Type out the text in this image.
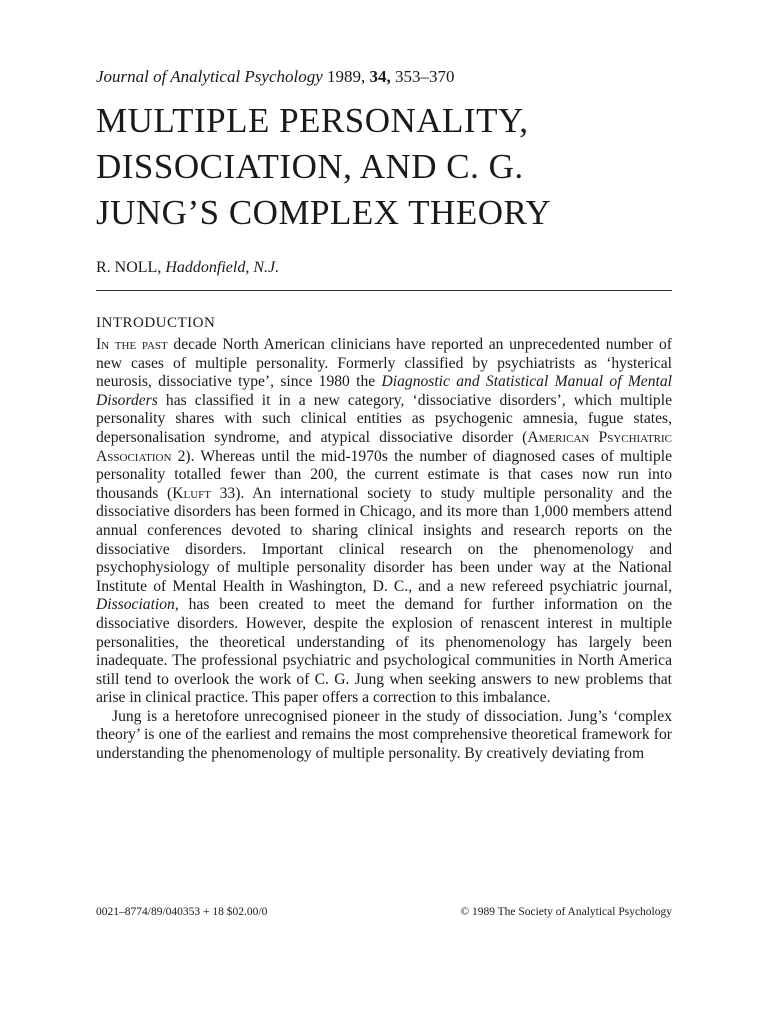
Journal of Analytical Psychology 1989, 34, 353–370
MULTIPLE PERSONALITY,
DISSOCIATION, AND C. G.
JUNG’S COMPLEX THEORY
R. NOLL, Haddonfield, N.J.
INTRODUCTION

In the past decade North American clinicians have reported an unprecedented number of new cases of multiple personality. Formerly classified by psychiatrists as ‘hysterical neurosis, dissociative type’, since 1980 the Diagnostic and Statistical Manual of Mental Disorders has classified it in a new category, ‘dissociative disorders’, which multiple personality shares with such clinical entities as psychogenic amnesia, fugue states, depersonalisation syndrome, and atypical dissociative disorder (American Psychiatric Association 2). Whereas until the mid-1970s the number of diagnosed cases of multiple personality totalled fewer than 200, the current estimate is that cases now run into thousands (Kluft 33). An international society to study multiple personality and the dissociative disorders has been formed in Chicago, and its more than 1,000 members attend annual conferences devoted to sharing clinical insights and research reports on the dissociative disorders. Important clinical research on the phenomenology and psychophysiology of multiple personality disorder has been under way at the National Institute of Mental Health in Washington, D. C., and a new refereed psychiatric journal, Dissociation, has been created to meet the demand for further information on the dissociative disorders. However, despite the explosion of renascent interest in multiple personalities, the theoretical understanding of its phenomenology has largely been inadequate. The professional psychiatric and psychological communities in North America still tend to overlook the work of C. G. Jung when seeking answers to new problems that arise in clinical practice. This paper offers a correction to this imbalance.

Jung is a heretofore unrecognised pioneer in the study of dissociation. Jung’s ‘complex theory’ is one of the earliest and remains the most comprehensive theoretical framework for understanding the phenomenology of multiple personality. By creatively deviating from

0021–8774/89/040353 + 18 $02.00/0	© 1989 The Society of Analytical Psychology
